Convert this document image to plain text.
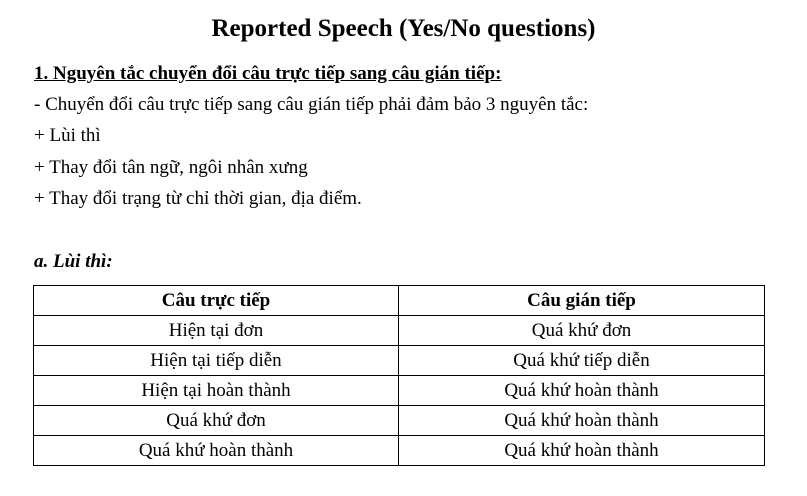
Reported Speech (Yes/No questions)
1. Nguyên tắc chuyển đổi câu trực tiếp sang câu gián tiếp:
- Chuyển đổi câu trực tiếp sang câu gián tiếp phải đảm bảo 3 nguyên tắc:
+ Lùi thì
+ Thay đổi tân ngữ, ngôi nhân xưng
+ Thay đổi trạng từ chỉ thời gian, địa điểm.
a. Lùi thì:
Câu trực tiếp	Câu gián tiếp
Hiện tại đơn	Quá khứ đơn
Hiện tại tiếp diễn	Quá khứ tiếp diễn
Hiện tại hoàn thành	Quá khứ hoàn thành
Quá khứ đơn	Quá khứ hoàn thành
Quá khứ hoàn thành	Quá khứ hoàn thành
